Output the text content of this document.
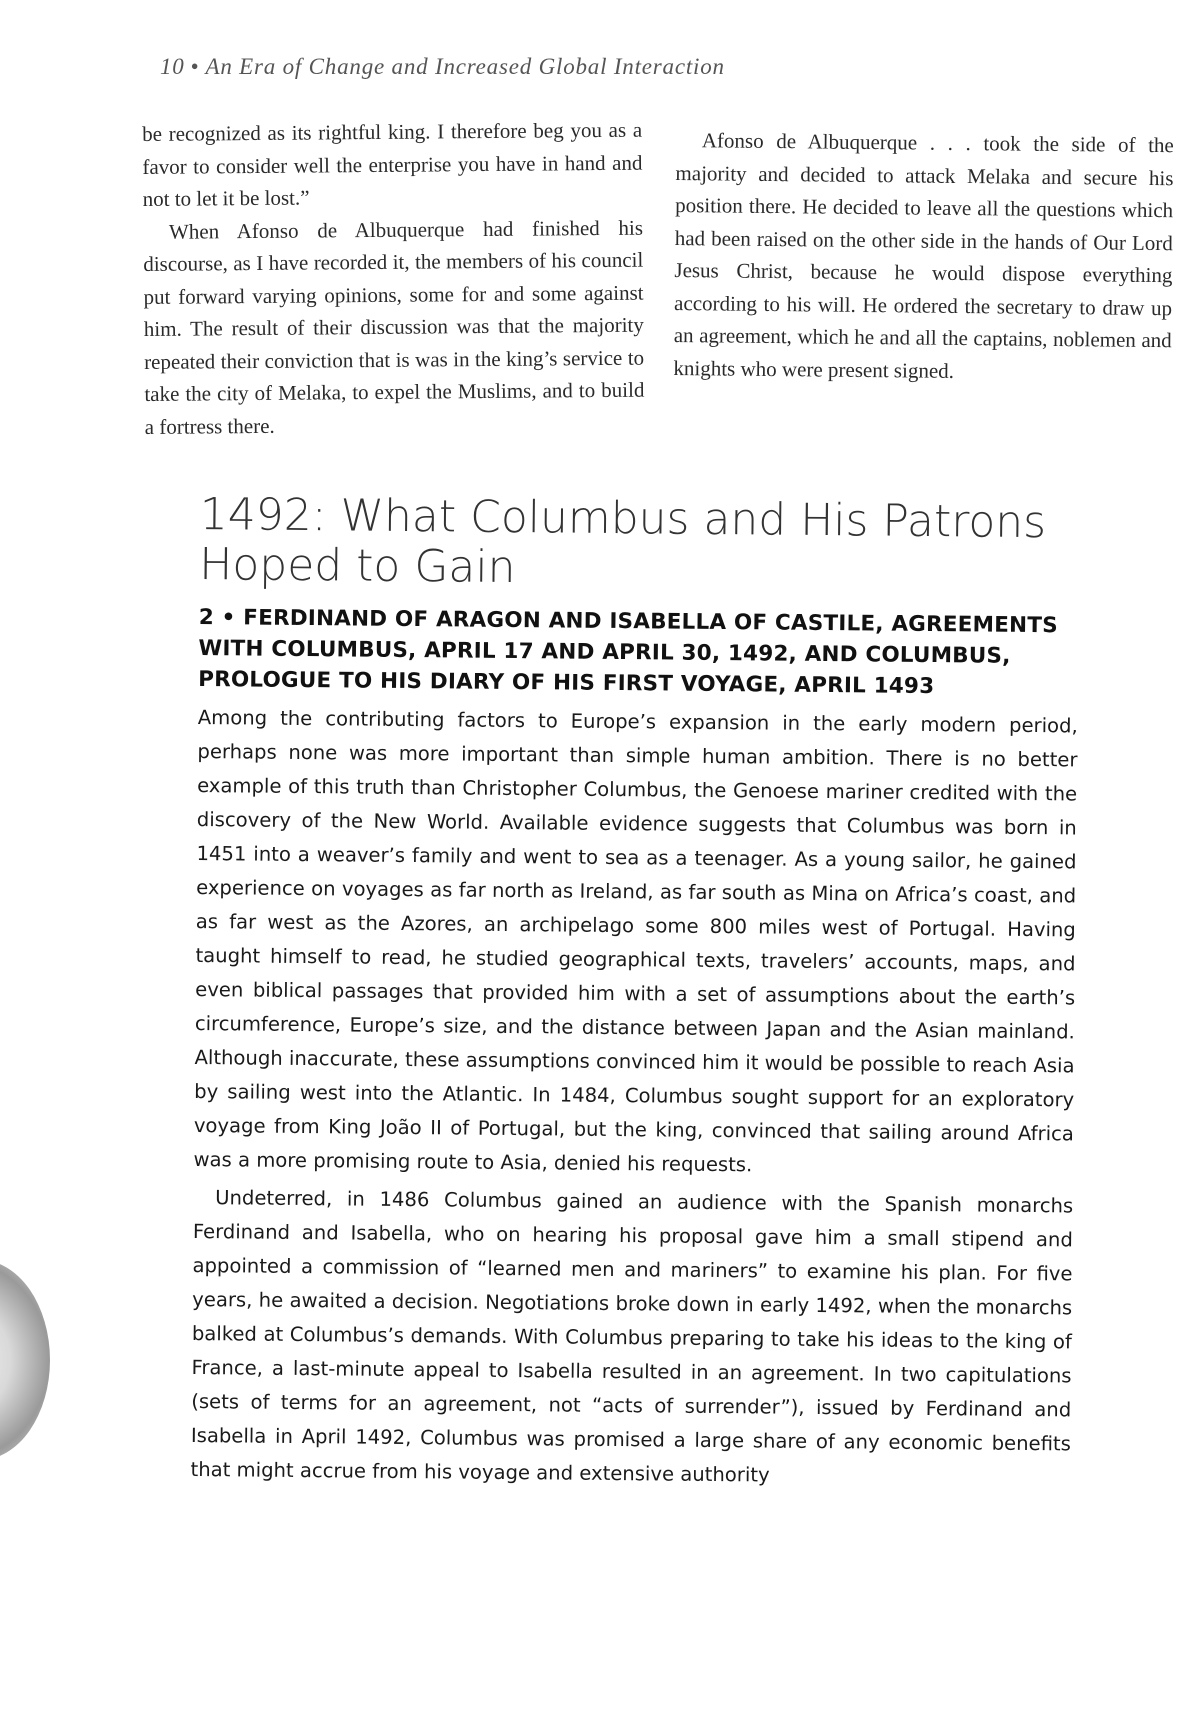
10 • An Era of Change and Increased Global Interaction

be recognized as its rightful king. I therefore beg you as a favor to consider well the enterprise you have in hand and not to let it be lost.”

When Afonso de Albuquerque had finished his discourse, as I have recorded it, the members of his council put forward varying opinions, some for and some against him. The result of their discussion was that the majority repeated their conviction that is was in the king’s service to take the city of Melaka, to expel the Muslims, and to build a fortress there.

Afonso de Albuquerque . . . took the side of the majority and decided to attack Melaka and secure his position there. He decided to leave all the questions which had been raised on the other side in the hands of Our Lord Jesus Christ, because he would dispose everything according to his will. He ordered the secretary to draw up an agreement, which he and all the captains, noblemen and knights who were present signed.

1492: What Columbus and His Patrons Hoped to Gain
2 • FERDINAND OF ARAGON AND ISABELLA OF CASTILE, AGREEMENTS WITH COLUMBUS, APRIL 17 AND APRIL 30, 1492, AND COLUMBUS, PROLOGUE TO HIS DIARY OF HIS FIRST VOYAGE, APRIL 1493

Among the contributing factors to Europe’s expansion in the early modern period, perhaps none was more important than simple human ambition. There is no better example of this truth than Christopher Columbus, the Genoese mariner credited with the discovery of the New World. Available evidence suggests that Columbus was born in 1451 into a weaver’s family and went to sea as a teenager. As a young sailor, he gained experience on voyages as far north as Ireland, as far south as Mina on Africa’s coast, and as far west as the Azores, an archipelago some 800 miles west of Portugal. Having taught himself to read, he studied geographical texts, travelers’ accounts, maps, and even biblical passages that provided him with a set of assumptions about the earth’s circumference, Europe’s size, and the distance between Japan and the Asian mainland. Although inaccurate, these assumptions convinced him it would be possible to reach Asia by sailing west into the Atlantic. In 1484, Columbus sought support for an exploratory voyage from King João II of Portugal, but the king, convinced that sailing around Africa was a more promising route to Asia, denied his requests.

Undeterred, in 1486 Columbus gained an audience with the Spanish monarchs Ferdinand and Isabella, who on hearing his proposal gave him a small stipend and appointed a commission of “learned men and mariners” to examine his plan. For five years, he awaited a decision. Negotiations broke down in early 1492, when the monarchs balked at Columbus’s demands. With Columbus preparing to take his ideas to the king of France, a last-minute appeal to Isabella resulted in an agreement. In two capitulations (sets of terms for an agreement, not “acts of surrender”), issued by Ferdinand and Isabella in April 1492, Columbus was promised a large share of any economic benefits that might accrue from his voyage and extensive authority
